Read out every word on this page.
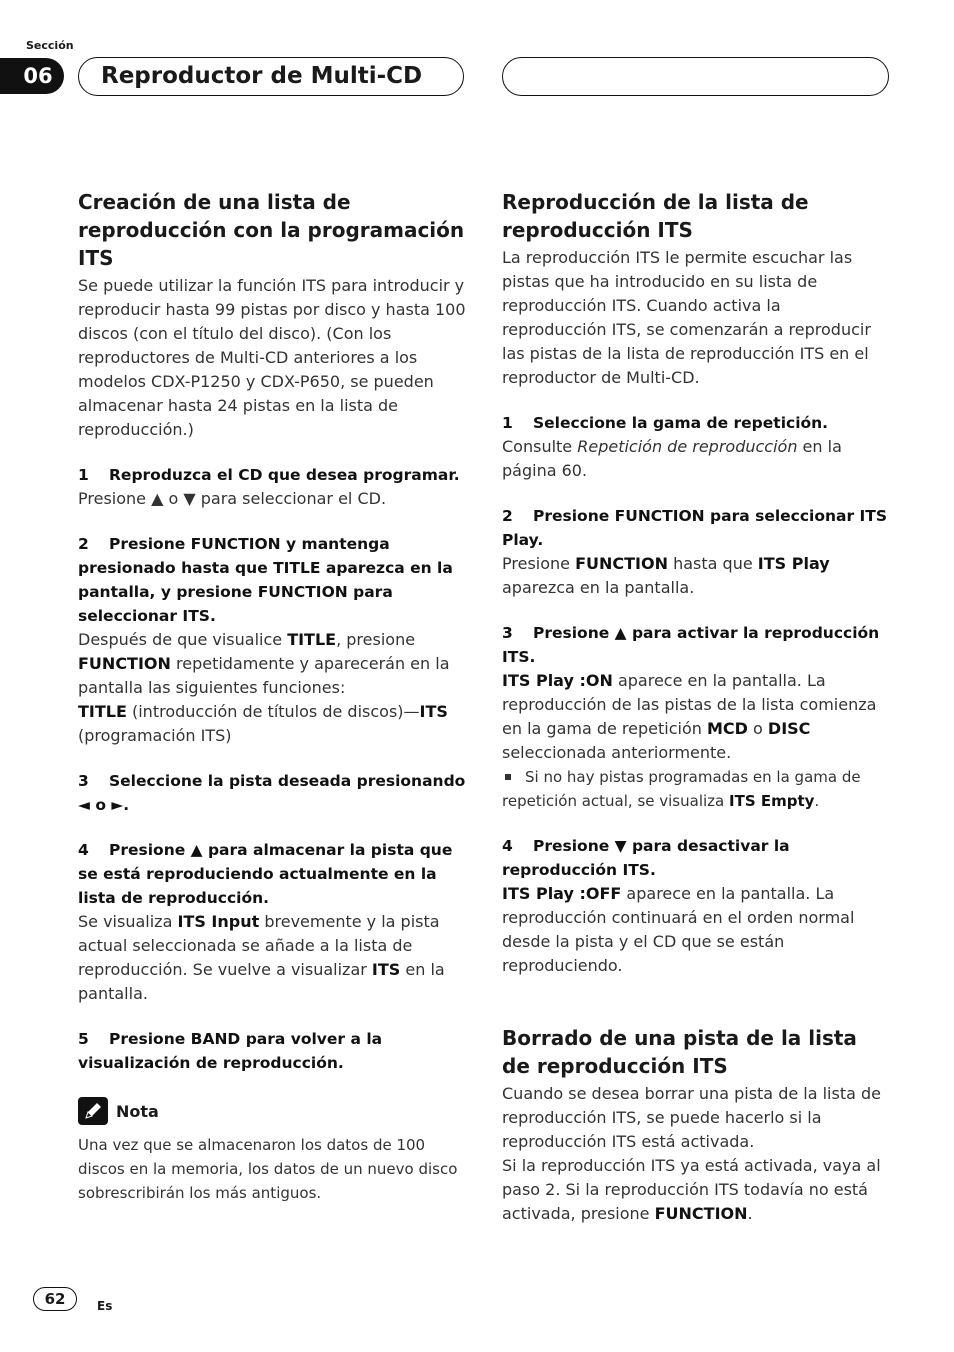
Sección
06	Reproductor de Multi-CD
Creación de una lista de reproducción con la programación ITS

Se puede utilizar la función ITS para introducir y reproducir hasta 99 pistas por disco y hasta 100 discos (con el título del disco). (Con los reproductores de Multi-CD anteriores a los modelos CDX-P1250 y CDX-P650, se pueden almacenar hasta 24 pistas en la lista de reproducción.)

1 Reproduzca el CD que desea programar.

Presione ▲ o ▼ para seleccionar el CD.

2 Presione FUNCTION y mantenga presionado hasta que TITLE aparezca en la pantalla, y presione FUNCTION para seleccionar ITS.

Después de que visualice TITLE, presione
FUNCTION repetidamente y aparecerán en la pantalla las siguientes funciones:
TITLE (introducción de títulos de discos)—ITS (programación ITS)

3 Seleccione la pista deseada presionando ◄ o ►.
4 Presione ▲ para almacenar la pista que se está reproduciendo actualmente en la lista de reproducción.

Se visualiza ITS Input brevemente y la pista actual seleccionada se añade a la lista de reproducción. Se vuelve a visualizar ITS en la pantalla.

5 Presione BAND para volver a la visualización de reproducción.
Nota
Una vez que se almacenaron los datos de 100 discos en la memoria, los datos de un nuevo disco sobrescribirán los más antiguos.
Reproducción de la lista de reproducción ITS

La reproducción ITS le permite escuchar las pistas que ha introducido en su lista de reproducción ITS. Cuando activa la reproducción ITS, se comenzarán a reproducir las pistas de la lista de reproducción ITS en el reproductor de Multi-CD.

1 Seleccione la gama de repetición.

Consulte Repetición de reproducción en la página 60.

2 Presione FUNCTION para seleccionar ITS Play.

Presione FUNCTION hasta que ITS Play aparezca en la pantalla.

3 Presione ▲ para activar la reproducción ITS.

ITS Play :ON aparece en la pantalla. La reproducción de las pistas de la lista comienza en la gama de repetición MCD o DISC seleccionada anteriormente.

Si no hay pistas programadas en la gama de repetición actual, se visualiza ITS Empty.
4 Presione ▼ para desactivar la reproducción ITS.

ITS Play :OFF aparece en la pantalla. La reproducción continuará en el orden normal desde la pista y el CD que se están reproduciendo.

Borrado de una pista de la lista de reproducción ITS

Cuando se desea borrar una pista de la lista de reproducción ITS, se puede hacerlo si la reproducción ITS está activada.

Si la reproducción ITS ya está activada, vaya al paso 2. Si la reproducción ITS todavía no está activada, presione FUNCTION.

62	Es
